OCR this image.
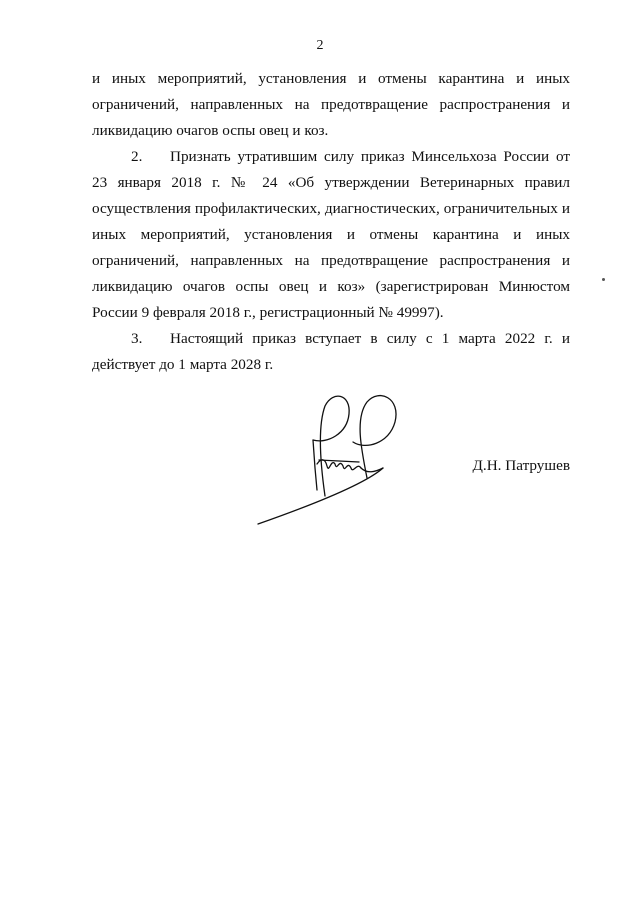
2

и иных мероприятий, установления и отмены карантина и иных ограничений, направленных на предотвращение распространения и ликвидацию очагов оспы овец и коз.

2. Признать утратившим силу приказ Минсельхоза России от 23 января 2018 г. № 24 «Об утверждении Ветеринарных правил осуществления профилактических, диагностических, ограничительных и иных мероприятий, установления и отмены карантина и иных ограничений, направленных на предотвращение распространения и ликвидацию очагов оспы овец и коз» (зарегистрирован Минюстом России 9 февраля 2018 г., регистрационный № 49997).

3. Настоящий приказ вступает в силу с 1 марта 2022 г. и действует до 1 марта 2028 г.

Д.Н. Патрушев
